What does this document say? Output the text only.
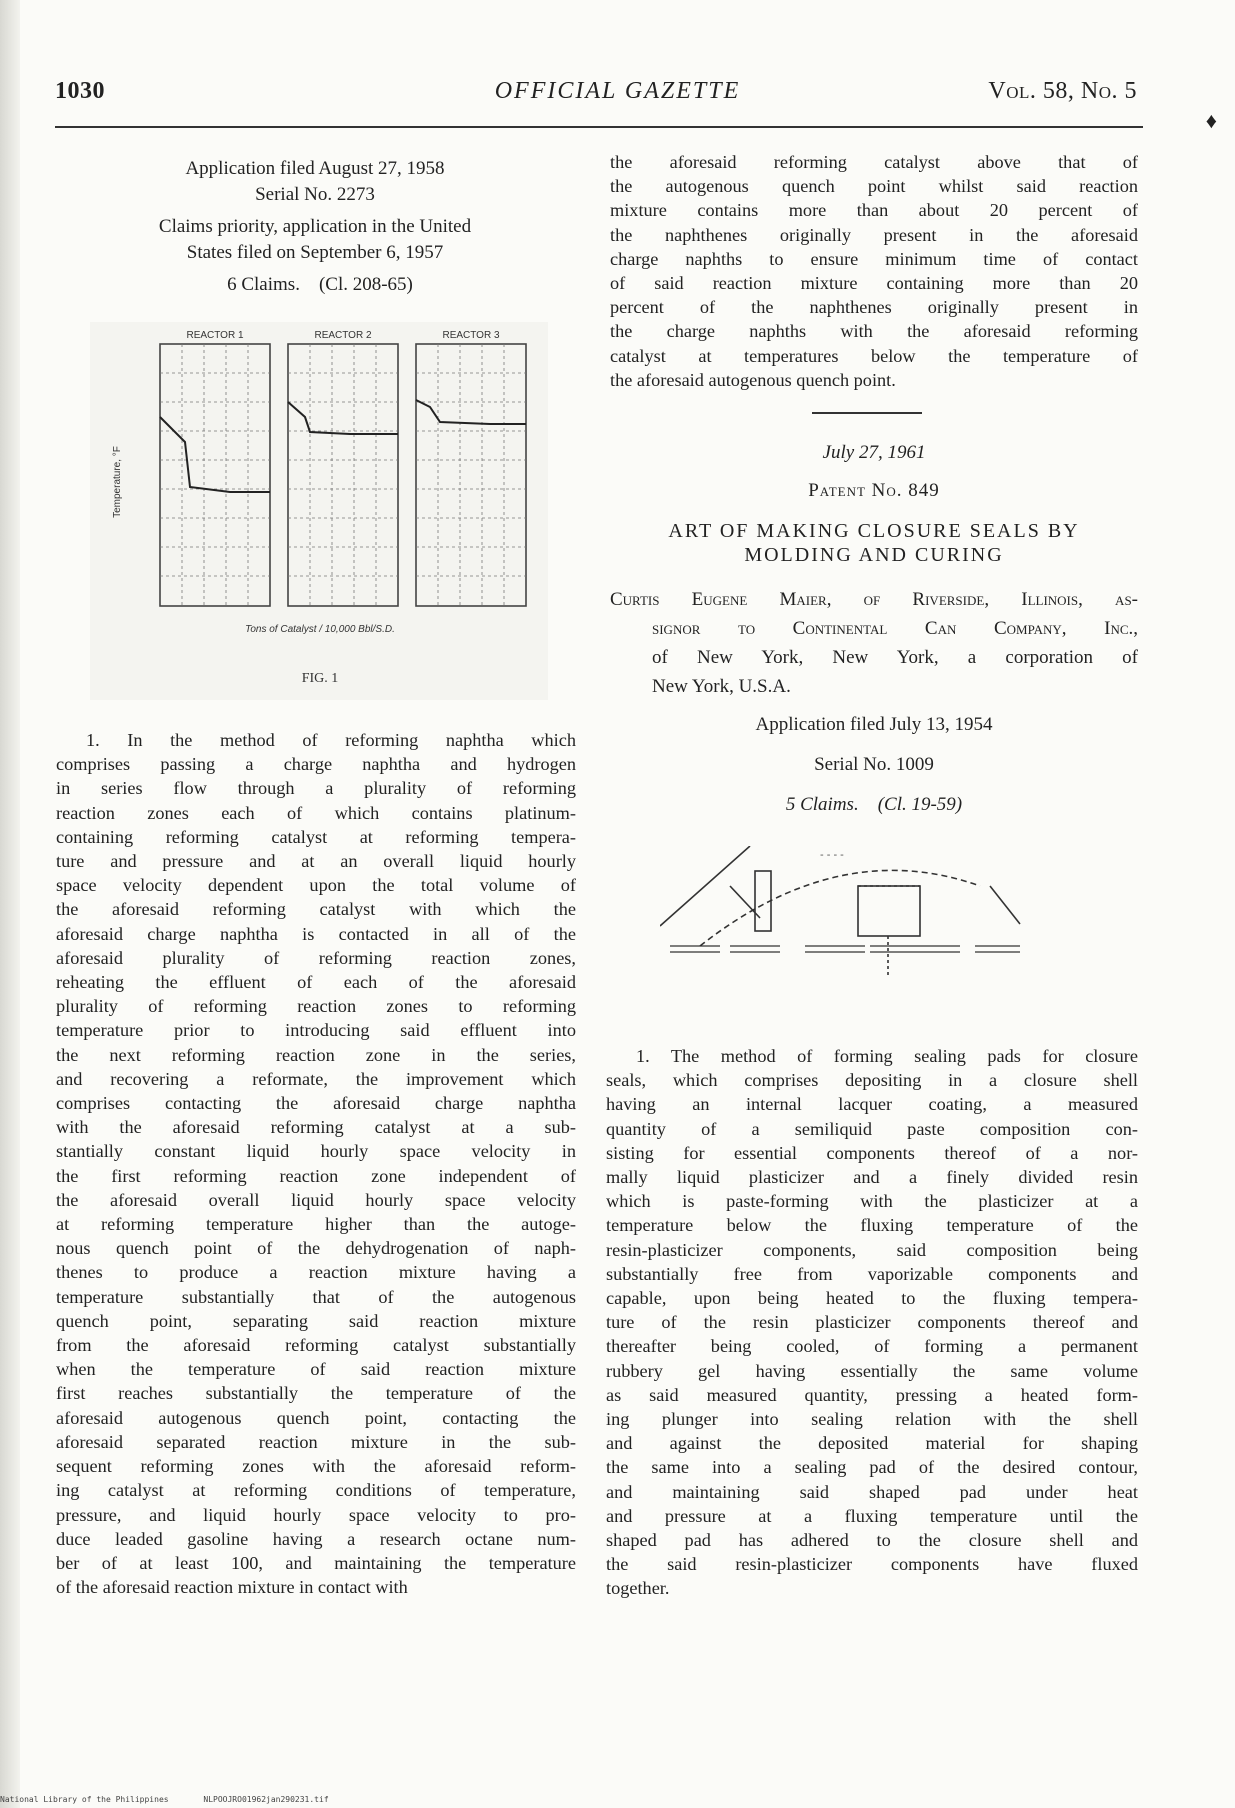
1030	OFFICIAL GAZETTE	Vol. 58, No. 5
♦
Application filed August 27, 1958
Serial No. 2273
Claims priority, application in the United
States filed on September 6, 1957
6 Claims. (Cl. 208-65)
REACTOR 1	REACTOR 2	REACTOR 3
Temperature, °F
Tons of Catalyst / 10,000 Bbl/S.D.
FIG. 1
1. In the method of reforming naphtha which
comprises passing a charge naphtha and hydrogen
in series flow through a plurality of reforming
reaction zones each of which contains platinum-
containing reforming catalyst at reforming tempera-
ture and pressure and at an overall liquid hourly
space velocity dependent upon the total volume of
the aforesaid reforming catalyst with which the
aforesaid charge naphtha is contacted in all of the
aforesaid plurality of reforming reaction zones,
reheating the effluent of each of the aforesaid
plurality of reforming reaction zones to reforming
temperature prior to introducing said effluent into
the next reforming reaction zone in the series,
and recovering a reformate, the improvement which
comprises contacting the aforesaid charge naphtha
with the aforesaid reforming catalyst at a sub-
stantially constant liquid hourly space velocity in
the first reforming reaction zone independent of
the aforesaid overall liquid hourly space velocity
at reforming temperature higher than the autoge-
nous quench point of the dehydrogenation of naph-
thenes to produce a reaction mixture having a
temperature substantially that of the autogenous
quench point, separating said reaction mixture
from the aforesaid reforming catalyst substantially
when the temperature of said reaction mixture
first reaches substantially the temperature of the
aforesaid autogenous quench point, contacting the
aforesaid separated reaction mixture in the sub-
sequent reforming zones with the aforesaid reform-
ing catalyst at reforming conditions of temperature,
pressure, and liquid hourly space velocity to pro-
duce leaded gasoline having a research octane num-
ber of at least 100, and maintaining the temperature
of the aforesaid reaction mixture in contact with
the aforesaid reforming catalyst above that of
the autogenous quench point whilst said reaction
mixture contains more than about 20 percent of
the naphthenes originally present in the aforesaid
charge naphths to ensure minimum time of contact
of said reaction mixture containing more than 20
percent of the naphthenes originally present in
the charge naphths with the aforesaid reforming
catalyst at temperatures below the temperature of
the aforesaid autogenous quench point.
July 27, 1961
Patent No. 849
ART OF MAKING CLOSURE SEALS BY
MOLDING AND CURING
Curtis Eugene Maier, of Riverside, Illinois, as-
signor to Continental Can Company, Inc.,
of New York, New York, a corporation of
New York, U.S.A.
Application filed July 13, 1954
Serial No. 1009
5 Claims. (Cl. 19-59)
- - - -
1. The method of forming sealing pads for closure
seals, which comprises depositing in a closure shell
having an internal lacquer coating, a measured
quantity of a semiliquid paste composition con-
sisting for essential components thereof of a nor-
mally liquid plasticizer and a finely divided resin
which is paste-forming with the plasticizer at a
temperature below the fluxing temperature of the
resin-plasticizer components, said composition being
substantially free from vaporizable components and
capable, upon being heated to the fluxing tempera-
ture of the resin plasticizer components thereof and
thereafter being cooled, of forming a permanent
rubbery gel having essentially the same volume
as said measured quantity, pressing a heated form-
ing plunger into sealing relation with the shell
and against the deposited material for shaping
the same into a sealing pad of the desired contour,
and maintaining said shaped pad under heat
and pressure at a fluxing temperature until the
shaped pad has adhered to the closure shell and
the said resin-plasticizer components have fluxed
together.
National Library of the Philippines	NLPOOJRO01962jan290231.tif
